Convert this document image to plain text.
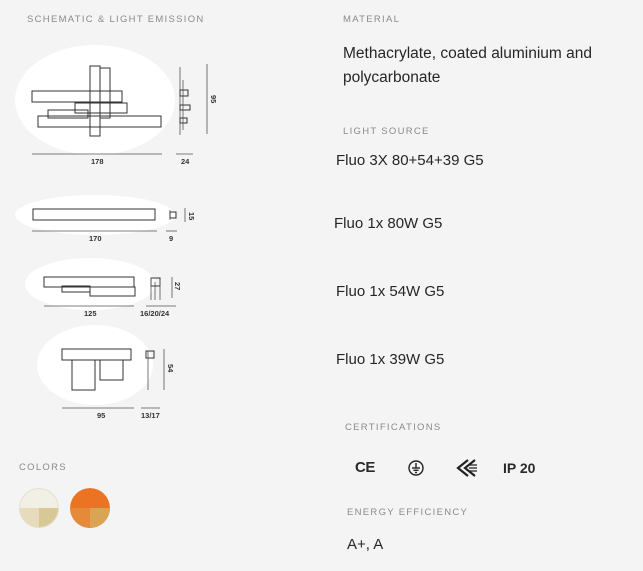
SCHEMATIC & LIGHT EMISSION
178	24
95
170	9
15
125	16/20/24
27
95	13/17
54
MATERIAL
Methacrylate, coated aluminium and polycarbonate
LIGHT SOURCE
Fluo 3X 80+54+39 G5
Fluo 1x 80W G5
Fluo 1x 54W G5
Fluo 1x 39W G5
CERTIFICATIONS
CE	IP 20
ENERGY EFFICIENCY
A+, A
COLORS
